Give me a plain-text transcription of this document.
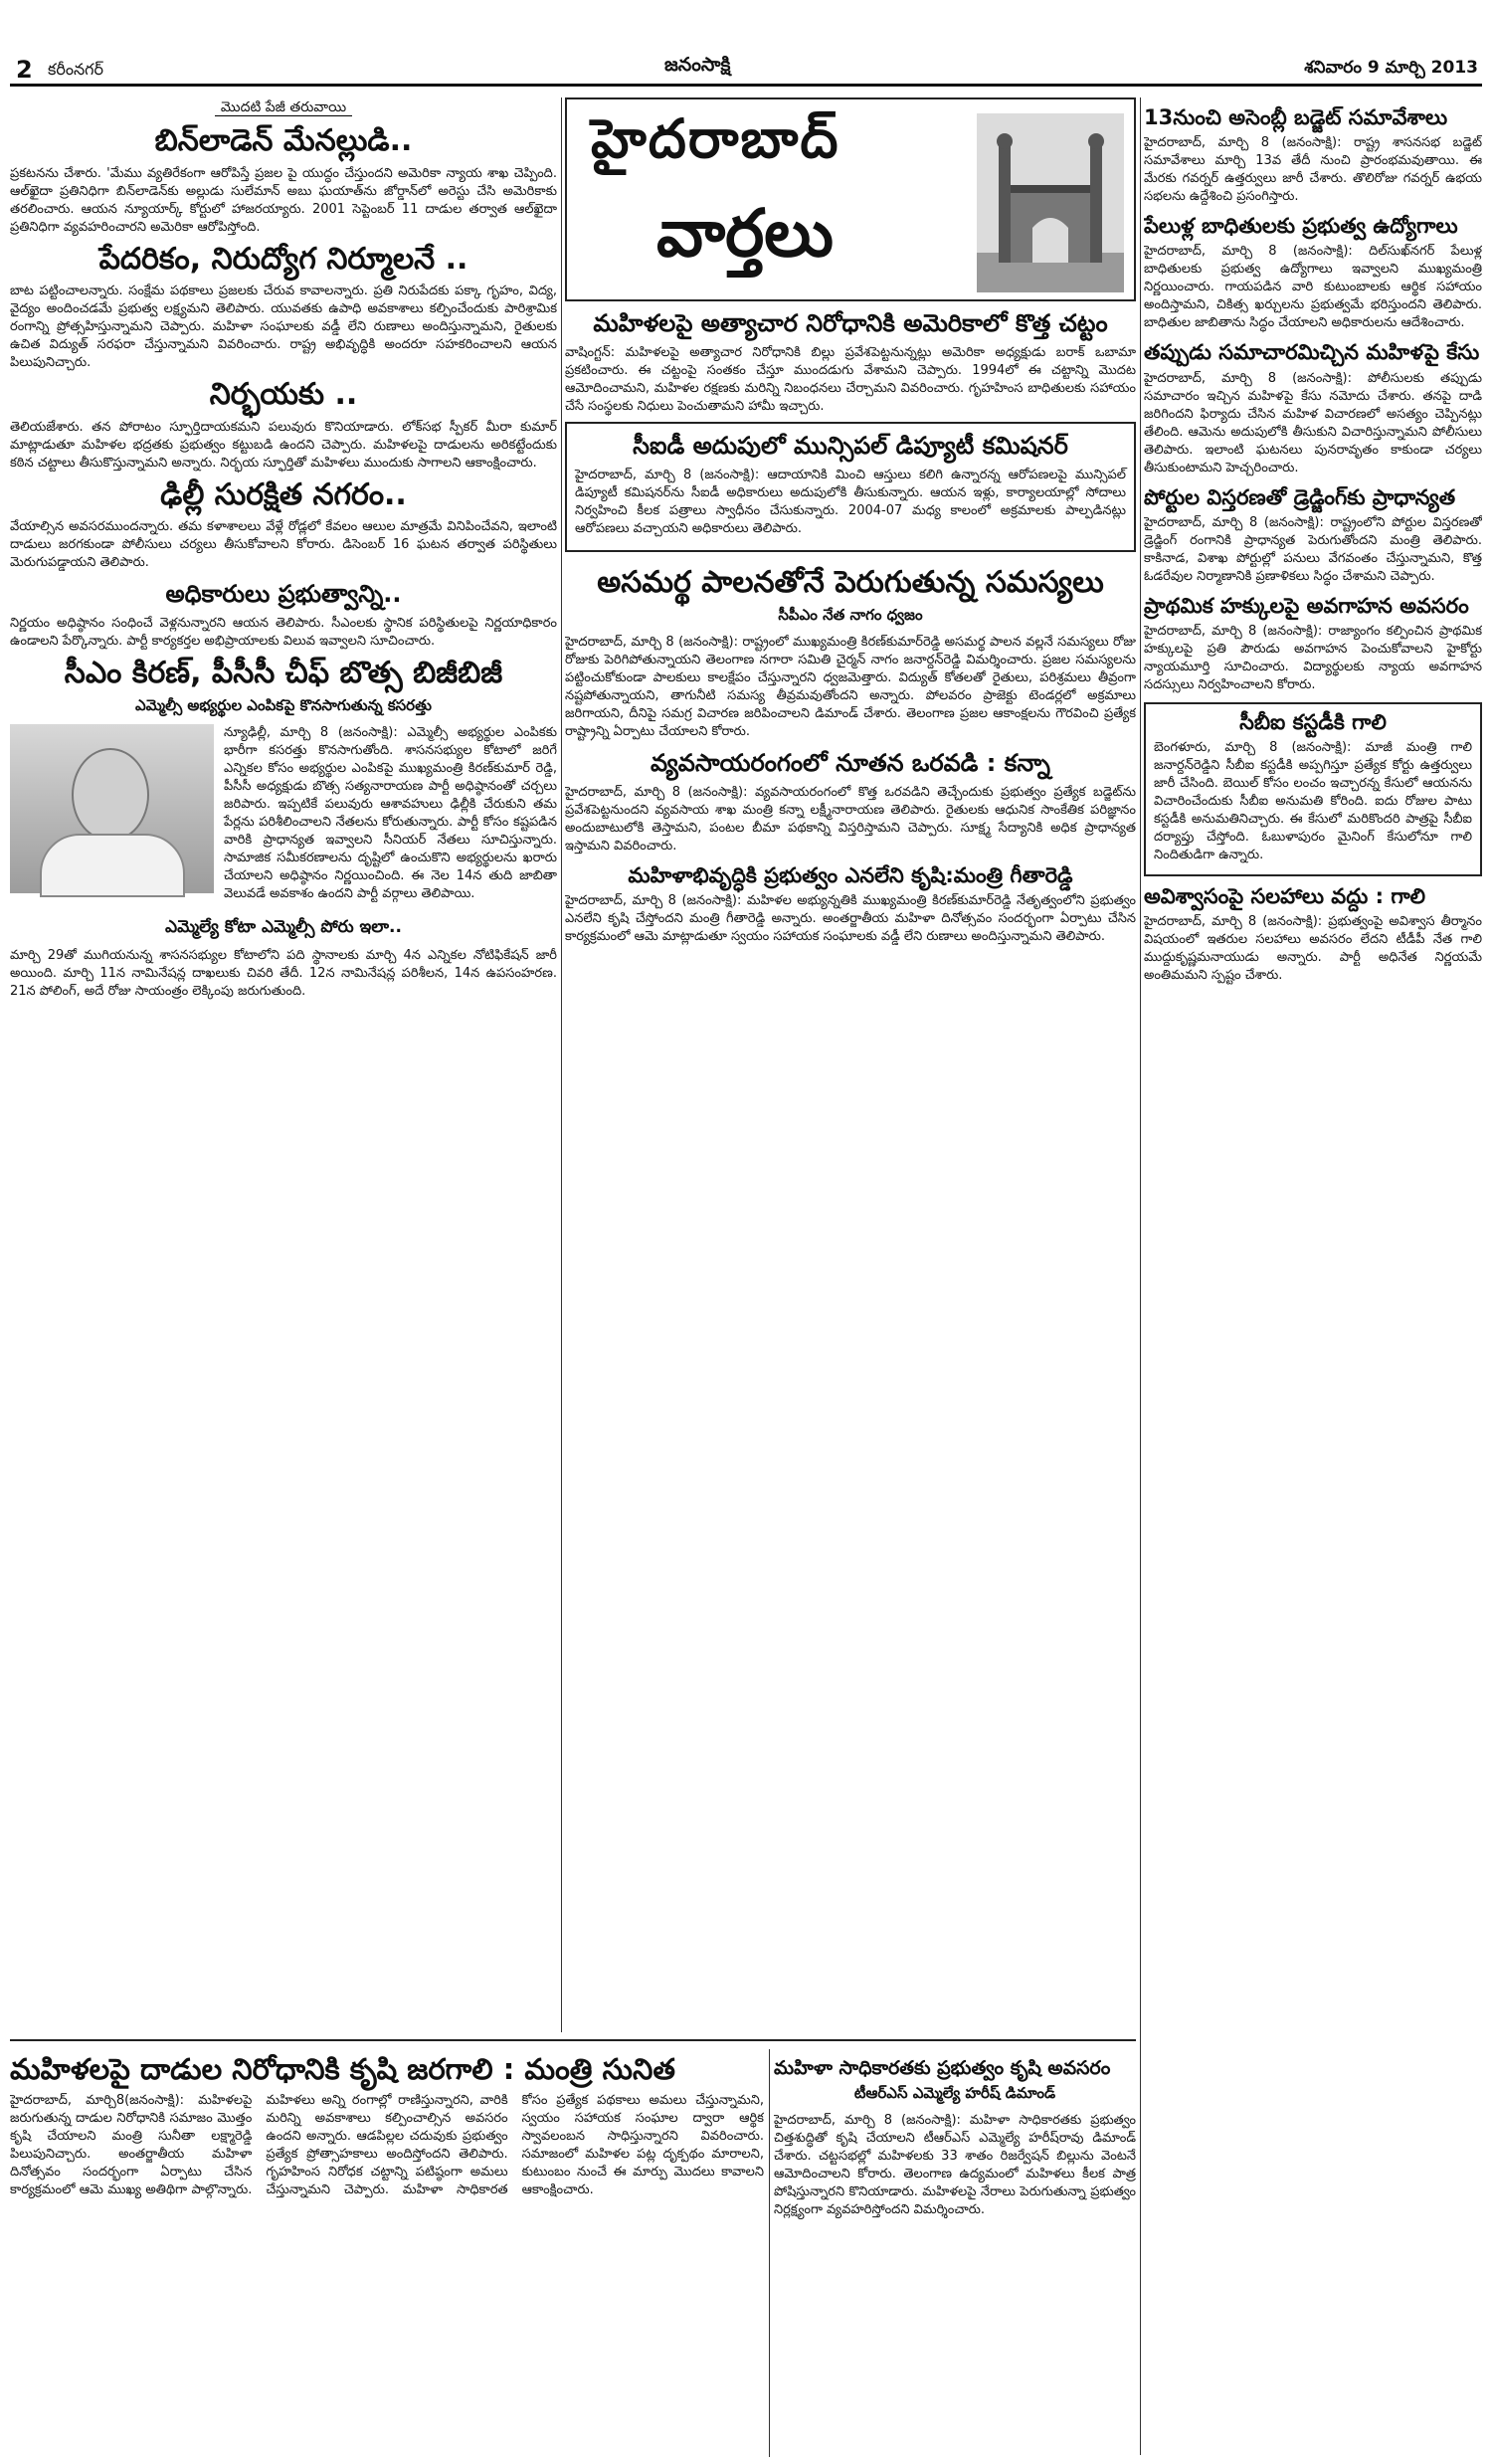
2 కరీంనగర్	జనంసాక్షి	శనివారం 9 మార్చి 2013
మొదటి పేజీ తరువాయి
బిన్‌లాడెన్ మేనల్లుడి..

ప్రకటనను చేశారు. 'మేము వ్యతిరేకంగా ఆరోపిస్తే ప్రజల పై యుద్ధం చేస్తుందని అమెరికా న్యాయ శాఖ చెప్పింది. ఆల్‌ఖైదా ప్రతినిధిగా బిన్‌లాడెన్‌కు అల్లుడు సులేమాన్ అబు ఘయాత్‌ను జోర్డాన్‌లో అరెస్టు చేసి అమెరికాకు తరలించారు. ఆయన న్యూయార్క్ కోర్టులో హాజరయ్యారు. 2001 సెప్టెంబర్ 11 దాడుల తర్వాత ఆల్‌ఖైదా ప్రతినిధిగా వ్యవహరించారని అమెరికా ఆరోపిస్తోంది.

పేదరికం, నిరుద్యోగ నిర్మూలనే ..

బాట పట్టించాలన్నారు. సంక్షేమ పథకాలు ప్రజలకు చేరువ కావాలన్నారు. ప్రతి నిరుపేదకు పక్కా గృహం, విద్య, వైద్యం అందించడమే ప్రభుత్వ లక్ష్యమని తెలిపారు. యువతకు ఉపాధి అవకాశాలు కల్పించేందుకు పారిశ్రామిక రంగాన్ని ప్రోత్సహిస్తున్నామని చెప్పారు. మహిళా సంఘాలకు వడ్డీ లేని రుణాలు అందిస్తున్నామని, రైతులకు ఉచిత విద్యుత్ సరఫరా చేస్తున్నామని వివరించారు. రాష్ట్ర అభివృద్ధికి అందరూ సహకరించాలని ఆయన పిలుపునిచ్చారు.

నిర్భయకు ..

తెలియజేశారు. తన పోరాటం స్ఫూర్తిదాయకమని పలువురు కొనియాడారు. లోక్‌సభ స్పీకర్ మీరా కుమార్ మాట్లాడుతూ మహిళల భద్రతకు ప్రభుత్వం కట్టుబడి ఉందని చెప్పారు. మహిళలపై దాడులను అరికట్టేందుకు కఠిన చట్టాలు తీసుకొస్తున్నామని అన్నారు. నిర్భయ స్ఫూర్తితో మహిళలు ముందుకు సాగాలని ఆకాంక్షించారు.

ఢిల్లీ సురక్షిత నగరం..

వేయాల్సిన అవసరముందన్నారు. తమ కళాశాలలు వేళ్లే రోడ్లలో కేవలం ఆలుల మాత్రమే వినిపించేవని, ఇలాంటి దాడులు జరగకుండా పోలీసులు చర్యలు తీసుకోవాలని కోరారు. డిసెంబర్ 16 ఘటన తర్వాత పరిస్థితులు మెరుగుపడ్డాయని తెలిపారు.

అధికారులు ప్రభుత్వాన్ని..

నిర్ణయం అధిష్ఠానం సంధించే వెళ్లనున్నారని ఆయన తెలిపారు. సీఎంలకు స్థానిక పరిస్థితులపై నిర్ణయాధికారం ఉండాలని పేర్కొన్నారు. పార్టీ కార్యకర్తల అభిప్రాయాలకు విలువ ఇవ్వాలని సూచించారు.

సీఎం కిరణ్, పీసీసీ చీఫ్ బొత్స బిజీబిజీ
ఎమ్మెల్సీ అభ్యర్థుల ఎంపికపై కొనసాగుతున్న కసరత్తు

న్యూఢిల్లీ, మార్చి 8 (జనంసాక్షి): ఎమ్మెల్సీ అభ్యర్థుల ఎంపికకు భారీగా కసరత్తు కొనసాగుతోంది. శాసనసభ్యుల కోటాలో జరిగే ఎన్నికల కోసం అభ్యర్థుల ఎంపికపై ముఖ్యమంత్రి కిరణ్‌కుమార్ రెడ్డి, పీసీసీ అధ్యక్షుడు బొత్స సత్యనారాయణ పార్టీ అధిష్ఠానంతో చర్చలు జరిపారు. ఇప్పటికే పలువురు ఆశావహులు ఢిల్లీకి చేరుకుని తమ పేర్లను పరిశీలించాలని నేతలను కోరుతున్నారు. పార్టీ కోసం కష్టపడిన వారికి ప్రాధాన్యత ఇవ్వాలని సీనియర్ నేతలు సూచిస్తున్నారు. సామాజిక సమీకరణాలను దృష్టిలో ఉంచుకొని అభ్యర్థులను ఖరారు చేయాలని అధిష్ఠానం నిర్ణయించింది. ఈ నెల 14న తుది జాబితా వెలువడే అవకాశం ఉందని పార్టీ వర్గాలు తెలిపాయి.

ఎమ్మెల్యే కోటా ఎమ్మెల్సీ పోరు ఇలా..

మార్చి 29తో ముగియనున్న శాసనసభ్యుల కోటాలోని పది స్థానాలకు మార్చి 4న ఎన్నికల నోటిఫికేషన్ జారీ అయింది. మార్చి 11న నామినేషన్ల దాఖలుకు చివరి తేదీ. 12న నామినేషన్ల పరిశీలన, 14న ఉపసంహరణ. 21న పోలింగ్, అదే రోజు సాయంత్రం లెక్కింపు జరుగుతుంది.

హైదరాబాద్
వార్తలు
మహిళలపై అత్యాచార నిరోధానికి అమెరికాలో కొత్త చట్టం

వాషింగ్టన్: మహిళలపై అత్యాచార నిరోధానికి బిల్లు ప్రవేశపెట్టనున్నట్లు అమెరికా అధ్యక్షుడు బరాక్ ఒబామా ప్రకటించారు. ఈ చట్టంపై సంతకం చేస్తూ ముందడుగు వేశామని చెప్పారు. 1994లో ఈ చట్టాన్ని మొదట ఆమోదించామని, మహిళల రక్షణకు మరిన్ని నిబంధనలు చేర్చామని వివరించారు. గృహహింస బాధితులకు సహాయం చేసే సంస్థలకు నిధులు పెంచుతామని హామీ ఇచ్చారు.

సీఐడీ అదుపులో మున్సిపల్ డిప్యూటీ కమిషనర్

హైదరాబాద్, మార్చి 8 (జనంసాక్షి): ఆదాయానికి మించి ఆస్తులు కలిగి ఉన్నారన్న ఆరోపణలపై మున్సిపల్ డిప్యూటీ కమిషనర్‌ను సీఐడీ అధికారులు అదుపులోకి తీసుకున్నారు. ఆయన ఇళ్లు, కార్యాలయాల్లో సోదాలు నిర్వహించి కీలక పత్రాలు స్వాధీనం చేసుకున్నారు. 2004-07 మధ్య కాలంలో అక్రమాలకు పాల్పడినట్లు ఆరోపణలు వచ్చాయని అధికారులు తెలిపారు.

అసమర్థ పాలనతోనే పెరుగుతున్న సమస్యలు
సీపీఎం నేత నాగం ధ్వజం

హైదరాబాద్, మార్చి 8 (జనంసాక్షి): రాష్ట్రంలో ముఖ్యమంత్రి కిరణ్‌కుమార్‌రెడ్డి అసమర్థ పాలన వల్లనే సమస్యలు రోజు రోజుకు పెరిగిపోతున్నాయని తెలంగాణ నగారా సమితి చైర్మన్ నాగం జనార్దన్‌రెడ్డి విమర్శించారు. ప్రజల సమస్యలను పట్టించుకోకుండా పాలకులు కాలక్షేపం చేస్తున్నారని ధ్వజమెత్తారు. విద్యుత్ కోతలతో రైతులు, పరిశ్రమలు తీవ్రంగా నష్టపోతున్నాయని, తాగునీటి సమస్య తీవ్రమవుతోందని అన్నారు. పోలవరం ప్రాజెక్టు టెండర్లలో అక్రమాలు జరిగాయని, దీనిపై సమగ్ర విచారణ జరిపించాలని డిమాండ్ చేశారు. తెలంగాణ ప్రజల ఆకాంక్షలను గౌరవించి ప్రత్యేక రాష్ట్రాన్ని ఏర్పాటు చేయాలని కోరారు.

వ్యవసాయరంగంలో నూతన ఒరవడి : కన్నా

హైదరాబాద్, మార్చి 8 (జనంసాక్షి): వ్యవసాయరంగంలో కొత్త ఒరవడిని తెచ్చేందుకు ప్రభుత్వం ప్రత్యేక బడ్జెట్‌ను ప్రవేశపెట్టనుందని వ్యవసాయ శాఖ మంత్రి కన్నా లక్ష్మీనారాయణ తెలిపారు. రైతులకు ఆధునిక సాంకేతిక పరిజ్ఞానం అందుబాటులోకి తెస్తామని, పంటల బీమా పథకాన్ని విస్తరిస్తామని చెప్పారు. సూక్ష్మ సేద్యానికి అధిక ప్రాధాన్యత ఇస్తామని వివరించారు.

మహిళాభివృద్ధికి ప్రభుత్వం ఎనలేని కృషి:మంత్రి గీతారెడ్డి

హైదరాబాద్, మార్చి 8 (జనంసాక్షి): మహిళల అభ్యున్నతికి ముఖ్యమంత్రి కిరణ్‌కుమార్‌రెడ్డి నేతృత్వంలోని ప్రభుత్వం ఎనలేని కృషి చేస్తోందని మంత్రి గీతారెడ్డి అన్నారు. అంతర్జాతీయ మహిళా దినోత్సవం సందర్భంగా ఏర్పాటు చేసిన కార్యక్రమంలో ఆమె మాట్లాడుతూ స్వయం సహాయక సంఘాలకు వడ్డీ లేని రుణాలు అందిస్తున్నామని తెలిపారు.

13నుంచి అసెంబ్లీ బడ్జెట్ సమావేశాలు

హైదరాబాద్, మార్చి 8 (జనంసాక్షి): రాష్ట్ర శాసనసభ బడ్జెట్ సమావేశాలు మార్చి 13వ తేదీ నుంచి ప్రారంభమవుతాయి. ఈ మేరకు గవర్నర్ ఉత్తర్వులు జారీ చేశారు. తొలిరోజు గవర్నర్ ఉభయ సభలను ఉద్దేశించి ప్రసంగిస్తారు.

పేలుళ్ల బాధితులకు ప్రభుత్వ ఉద్యోగాలు

హైదరాబాద్, మార్చి 8 (జనంసాక్షి): దిల్‌సుఖ్‌నగర్ పేలుళ్ల బాధితులకు ప్రభుత్వ ఉద్యోగాలు ఇవ్వాలని ముఖ్యమంత్రి నిర్ణయించారు. గాయపడిన వారి కుటుంబాలకు ఆర్థిక సహాయం అందిస్తామని, చికిత్స ఖర్చులను ప్రభుత్వమే భరిస్తుందని తెలిపారు. బాధితుల జాబితాను సిద్ధం చేయాలని అధికారులను ఆదేశించారు.

తప్పుడు సమాచారమిచ్చిన మహిళపై కేసు

హైదరాబాద్, మార్చి 8 (జనంసాక్షి): పోలీసులకు తప్పుడు సమాచారం ఇచ్చిన మహిళపై కేసు నమోదు చేశారు. తనపై దాడి జరిగిందని ఫిర్యాదు చేసిన మహిళ విచారణలో అసత్యం చెప్పినట్లు తేలింది. ఆమెను అదుపులోకి తీసుకుని విచారిస్తున్నామని పోలీసులు తెలిపారు. ఇలాంటి ఘటనలు పునరావృతం కాకుండా చర్యలు తీసుకుంటామని హెచ్చరించారు.

పోర్టుల విస్తరణతో డ్రెడ్జింగ్‌కు ప్రాధాన్యత

హైదరాబాద్, మార్చి 8 (జనంసాక్షి): రాష్ట్రంలోని పోర్టుల విస్తరణతో డ్రెడ్జింగ్ రంగానికి ప్రాధాన్యత పెరుగుతోందని మంత్రి తెలిపారు. కాకినాడ, విశాఖ పోర్టుల్లో పనులు వేగవంతం చేస్తున్నామని, కొత్త ఓడరేవుల నిర్మాణానికి ప్రణాళికలు సిద్ధం చేశామని చెప్పారు.

ప్రాథమిక హక్కులపై అవగాహన అవసరం

హైదరాబాద్, మార్చి 8 (జనంసాక్షి): రాజ్యాంగం కల్పించిన ప్రాథమిక హక్కులపై ప్రతి పౌరుడు అవగాహన పెంచుకోవాలని హైకోర్టు న్యాయమూర్తి సూచించారు. విద్యార్థులకు న్యాయ అవగాహన సదస్సులు నిర్వహించాలని కోరారు.

సీబీఐ కస్టడీకి గాలి

బెంగళూరు, మార్చి 8 (జనంసాక్షి): మాజీ మంత్రి గాలి జనార్దన్‌రెడ్డిని సీబీఐ కస్టడీకి అప్పగిస్తూ ప్రత్యేక కోర్టు ఉత్తర్వులు జారీ చేసింది. బెయిల్ కోసం లంచం ఇచ్చారన్న కేసులో ఆయనను విచారించేందుకు సీబీఐ అనుమతి కోరింది. ఐదు రోజుల పాటు కస్టడీకి అనుమతినిచ్చారు. ఈ కేసులో మరికొందరి పాత్రపై సీబీఐ దర్యాప్తు చేస్తోంది. ఓబుళాపురం మైనింగ్ కేసులోనూ గాలి నిందితుడిగా ఉన్నారు.

అవిశ్వాసంపై సలహాలు వద్దు : గాలి

హైదరాబాద్, మార్చి 8 (జనంసాక్షి): ప్రభుత్వంపై అవిశ్వాస తీర్మానం విషయంలో ఇతరుల సలహాలు అవసరం లేదని టీడీపీ నేత గాలి ముద్దుకృష్ణమనాయుడు అన్నారు. పార్టీ అధినేత నిర్ణయమే అంతిమమని స్పష్టం చేశారు.

మహిళలపై దాడుల నిరోధానికి కృషి జరగాలి : మంత్రి సునిత

హైదరాబాద్, మార్చి8(జనంసాక్షి): మహిళలపై జరుగుతున్న దాడుల నిరోధానికి సమాజం మొత్తం కృషి చేయాలని మంత్రి సునీతా లక్ష్మారెడ్డి పిలుపునిచ్చారు. అంతర్జాతీయ మహిళా దినోత్సవం సందర్భంగా ఏర్పాటు చేసిన కార్యక్రమంలో ఆమె ముఖ్య అతిథిగా పాల్గొన్నారు. మహిళలు అన్ని రంగాల్లో రాణిస్తున్నారని, వారికి మరిన్ని అవకాశాలు కల్పించాల్సిన అవసరం ఉందని అన్నారు. ఆడపిల్లల చదువుకు ప్రభుత్వం ప్రత్యేక ప్రోత్సాహకాలు అందిస్తోందని తెలిపారు. గృహహింస నిరోధక చట్టాన్ని పటిష్ఠంగా అమలు చేస్తున్నామని చెప్పారు. మహిళా సాధికారత కోసం ప్రత్యేక పథకాలు అమలు చేస్తున్నామని, స్వయం సహాయక సంఘాల ద్వారా ఆర్థిక స్వావలంబన సాధిస్తున్నారని వివరించారు. సమాజంలో మహిళల పట్ల దృక్పథం మారాలని, కుటుంబం నుంచే ఈ మార్పు మొదలు కావాలని ఆకాంక్షించారు.

మహిళా సాధికారతకు ప్రభుత్వం కృషి అవసరం
టీఆర్‌ఎస్ ఎమ్మెల్యే హరీష్ డిమాండ్

హైదరాబాద్, మార్చి 8 (జనంసాక్షి): మహిళా సాధికారతకు ప్రభుత్వం చిత్తశుద్ధితో కృషి చేయాలని టీఆర్‌ఎస్ ఎమ్మెల్యే హరీష్‌రావు డిమాండ్ చేశారు. చట్టసభల్లో మహిళలకు 33 శాతం రిజర్వేషన్ బిల్లును వెంటనే ఆమోదించాలని కోరారు. తెలంగాణ ఉద్యమంలో మహిళలు కీలక పాత్ర పోషిస్తున్నారని కొనియాడారు. మహిళలపై నేరాలు పెరుగుతున్నా ప్రభుత్వం నిర్లక్ష్యంగా వ్యవహరిస్తోందని విమర్శించారు.
